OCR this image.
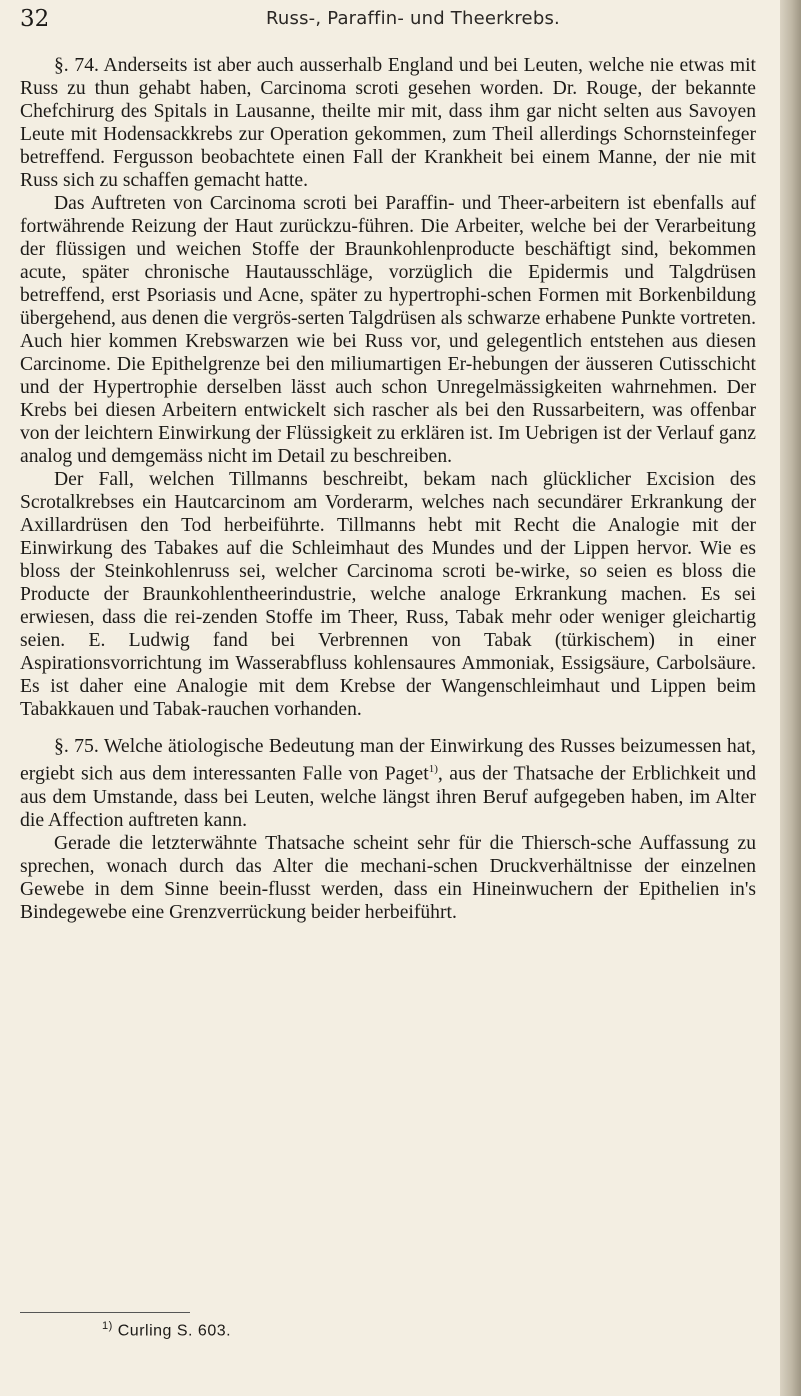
32	Russ-, Paraffin- und Theerkrebs.

§. 74. Anderseits ist aber auch ausserhalb England und bei Leuten, welche nie etwas mit Russ zu thun gehabt haben, Carcinoma scroti gesehen worden. Dr. Rouge, der bekannte Chefchirurg des Spitals in Lausanne, theilte mir mit, dass ihm gar nicht selten aus Savoyen Leute mit Hodensackkrebs zur Operation gekommen, zum Theil allerdings Schornsteinfeger betreffend. Fergusson beobachtete einen Fall der Krankheit bei einem Manne, der nie mit Russ sich zu schaffen gemacht hatte.

Das Auftreten von Carcinoma scroti bei Paraffin- und Theer-arbeitern ist ebenfalls auf fortwährende Reizung der Haut zurückzu-führen. Die Arbeiter, welche bei der Verarbeitung der flüssigen und weichen Stoffe der Braunkohlenproducte beschäftigt sind, bekommen acute, später chronische Hautausschläge, vorzüglich die Epidermis und Talgdrüsen betreffend, erst Psoriasis und Acne, später zu hypertrophi-schen Formen mit Borkenbildung übergehend, aus denen die vergrös-serten Talgdrüsen als schwarze erhabene Punkte vortreten. Auch hier kommen Krebswarzen wie bei Russ vor, und gelegentlich entstehen aus diesen Carcinome. Die Epithelgrenze bei den miliumartigen Er-hebungen der äusseren Cutisschicht und der Hypertrophie derselben lässt auch schon Unregelmässigkeiten wahrnehmen. Der Krebs bei diesen Arbeitern entwickelt sich rascher als bei den Russarbeitern, was offenbar von der leichtern Einwirkung der Flüssigkeit zu erklären ist. Im Uebrigen ist der Verlauf ganz analog und demgemäss nicht im Detail zu beschreiben.

Der Fall, welchen Tillmanns beschreibt, bekam nach glücklicher Excision des Scrotalkrebses ein Hautcarcinom am Vorderarm, welches nach secundärer Erkrankung der Axillardrüsen den Tod herbeiführte. Tillmanns hebt mit Recht die Analogie mit der Einwirkung des Tabakes auf die Schleimhaut des Mundes und der Lippen hervor. Wie es bloss der Steinkohlenruss sei, welcher Carcinoma scroti be-wirke, so seien es bloss die Producte der Braunkohlentheerindustrie, welche analoge Erkrankung machen. Es sei erwiesen, dass die rei-zenden Stoffe im Theer, Russ, Tabak mehr oder weniger gleichartig seien. E. Ludwig fand bei Verbrennen von Tabak (türkischem) in einer Aspirationsvorrichtung im Wasserabfluss kohlensaures Ammoniak, Essigsäure, Carbolsäure. Es ist daher eine Analogie mit dem Krebse der Wangenschleimhaut und Lippen beim Tabakkauen und Tabak-rauchen vorhanden.

§. 75. Welche ätiologische Bedeutung man der Einwirkung des Russes beizumessen hat, ergiebt sich aus dem interessanten Falle von Paget$^{1)}$, aus der Thatsache der Erblichkeit und aus dem Umstande, dass bei Leuten, welche längst ihren Beruf aufgegeben haben, im Alter die Affection auftreten kann.

Gerade die letzterwähnte Thatsache scheint sehr für die Thiersch-sche Auffassung zu sprechen, wonach durch das Alter die mechani-schen Druckverhältnisse der einzelnen Gewebe in dem Sinne beein-flusst werden, dass ein Hineinwuchern der Epithelien in's Bindegewebe eine Grenzverrückung beider herbeiführt.

$^{1)}$ Curling S. 603.
